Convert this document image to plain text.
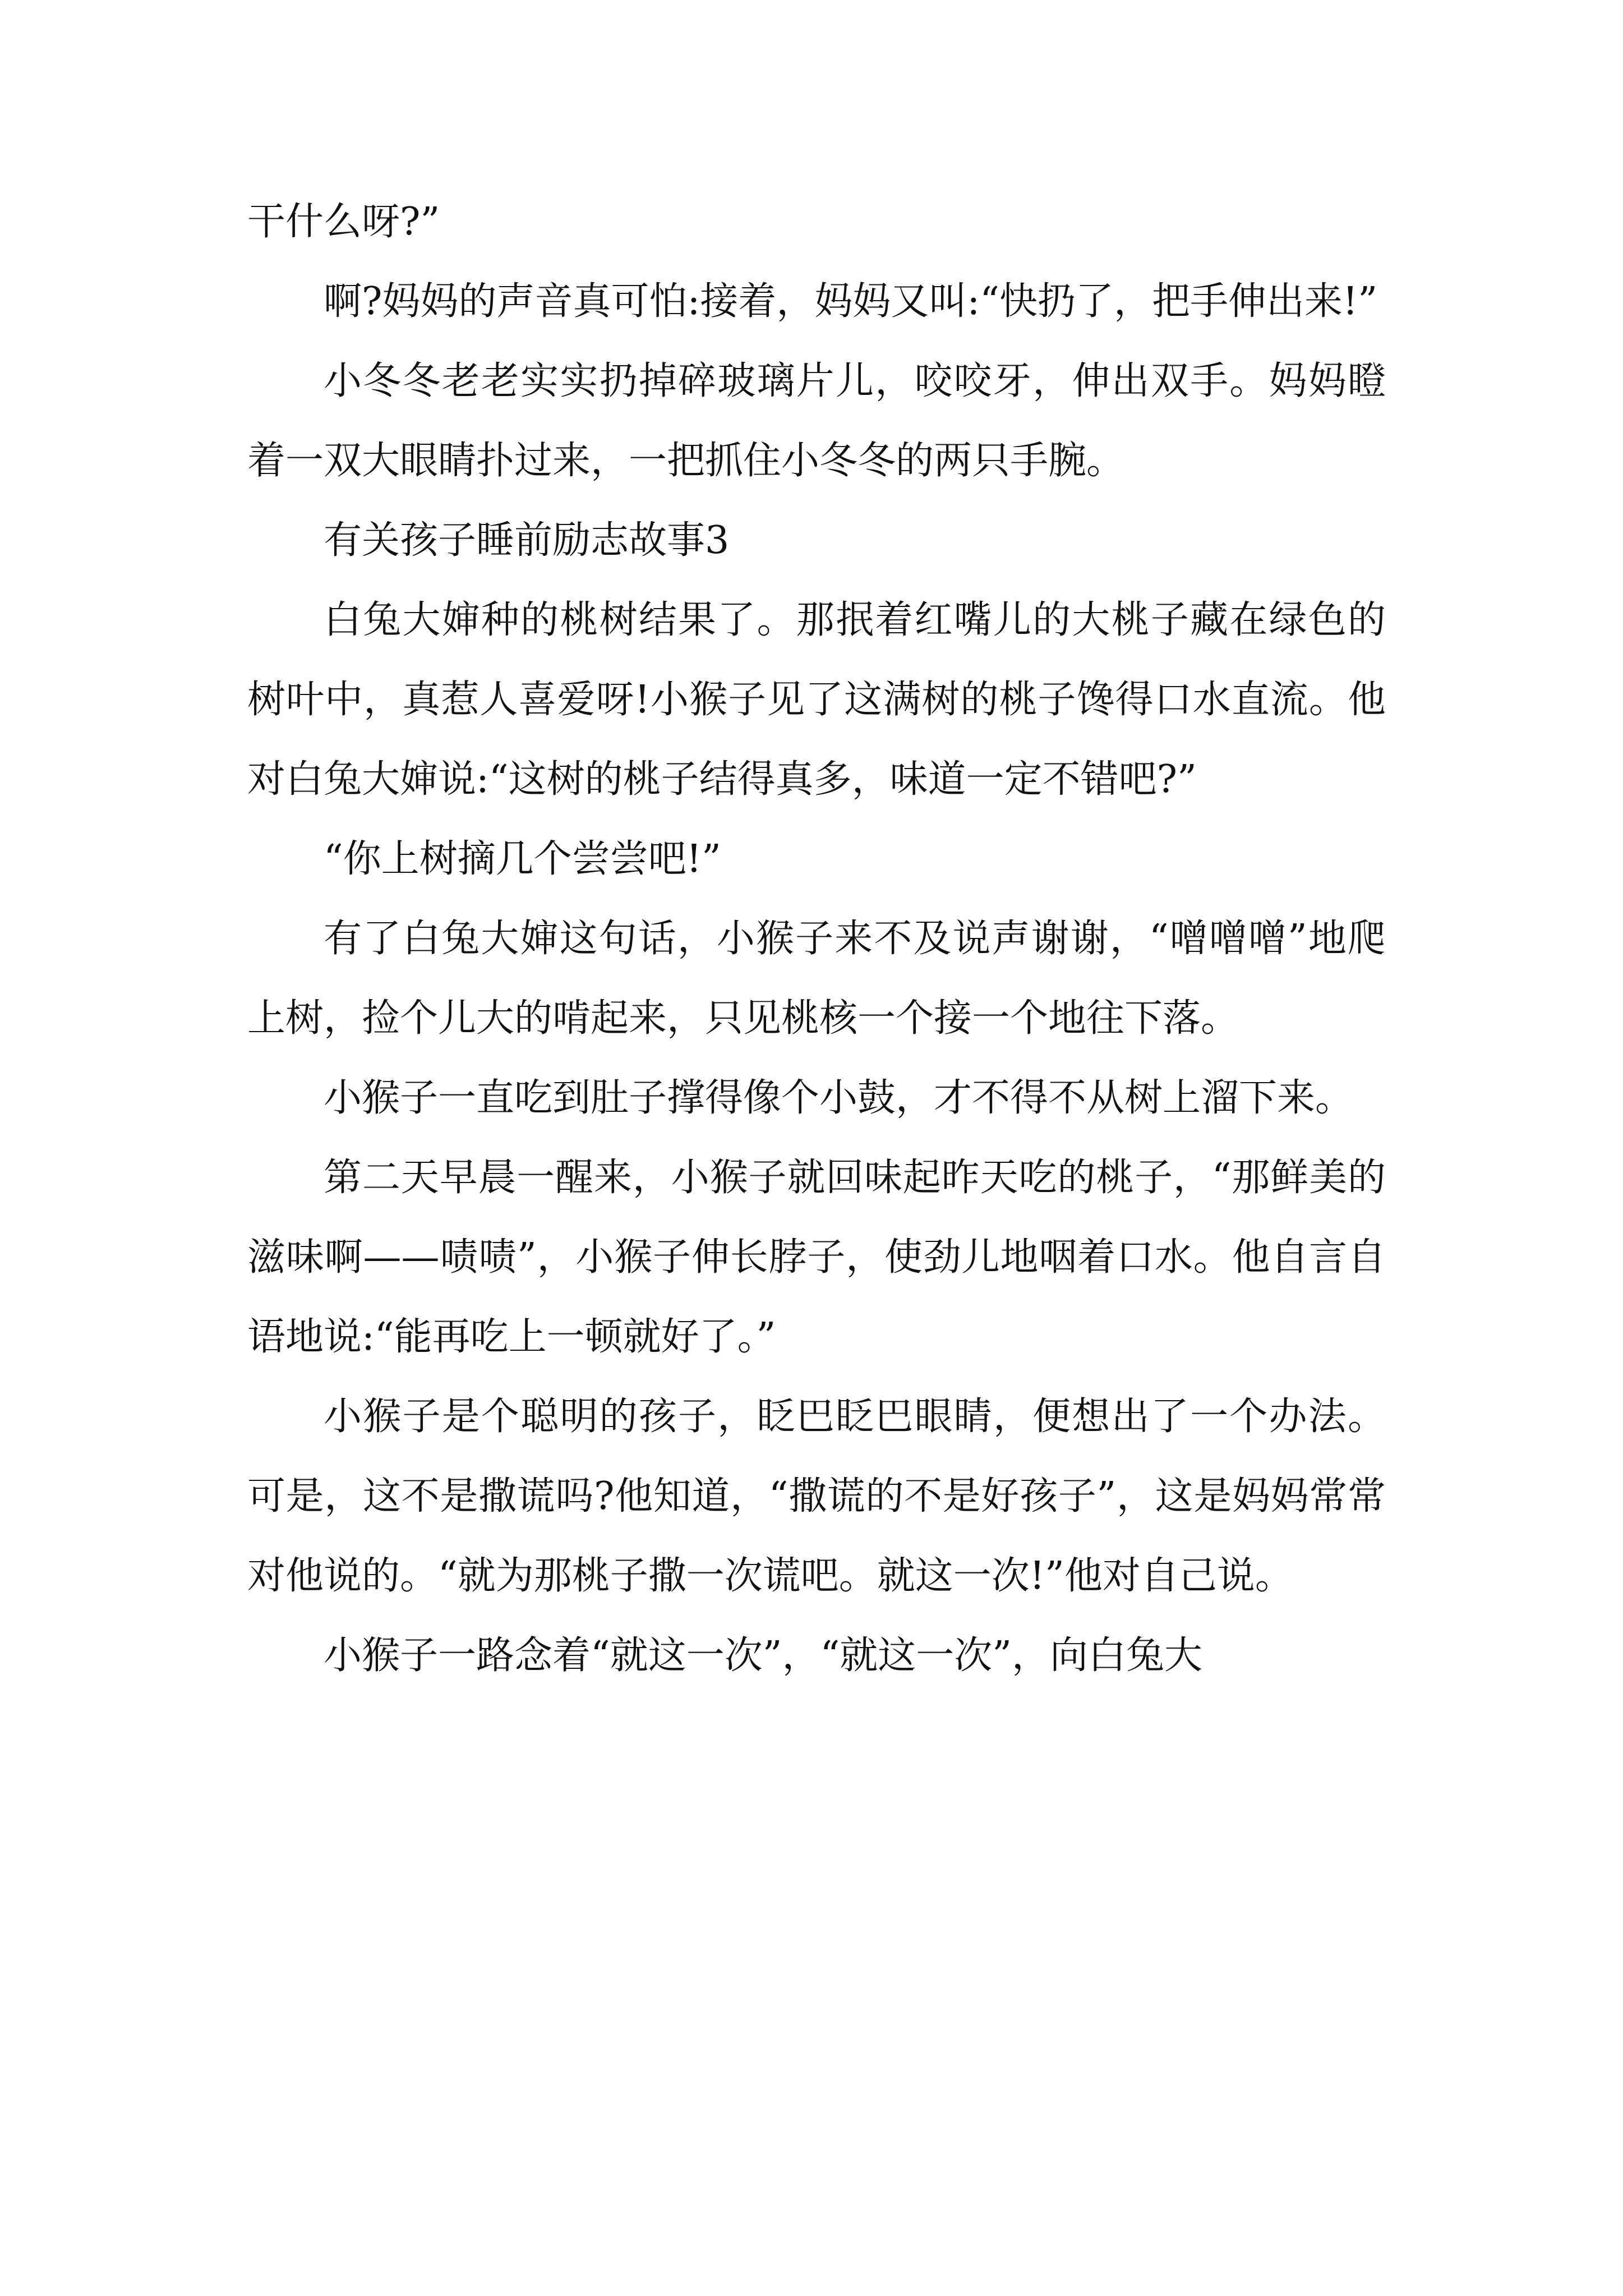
干什么呀?”

啊?妈妈的声音真可怕:接着，妈妈又叫:“快扔了，把手伸出来!”

小冬冬老老实实扔掉碎玻璃片儿，咬咬牙，伸出双手。妈妈瞪着一双大眼睛扑过来，一把抓住小冬冬的两只手腕。

有关孩子睡前励志故事3

白兔大婶种的桃树结果了。那抿着红嘴儿的大桃子藏在绿色的树叶中，真惹人喜爱呀!小猴子见了这满树的桃子馋得口水直流。他对白兔大婶说:“这树的桃子结得真多，味道一定不错吧?”

“你上树摘几个尝尝吧!”

有了白兔大婶这句话，小猴子来不及说声谢谢，“噌噌噌”地爬上树，捡个儿大的啃起来，只见桃核一个接一个地往下落。

小猴子一直吃到肚子撑得像个小鼓，才不得不从树上溜下来。

第二天早晨一醒来，小猴子就回味起昨天吃的桃子，“那鲜美的滋味啊——啧啧”，小猴子伸长脖子，使劲儿地咽着口水。他自言自语地说:“能再吃上一顿就好了。”

小猴子是个聪明的孩子，眨巴眨巴眼睛，便想出了一个办法。可是，这不是撒谎吗?他知道，“撒谎的不是好孩子”，这是妈妈常常对他说的。“就为那桃子撒一次谎吧。就这一次!”他对自己说。

小猴子一路念着“就这一次”，“就这一次”，向白兔大
